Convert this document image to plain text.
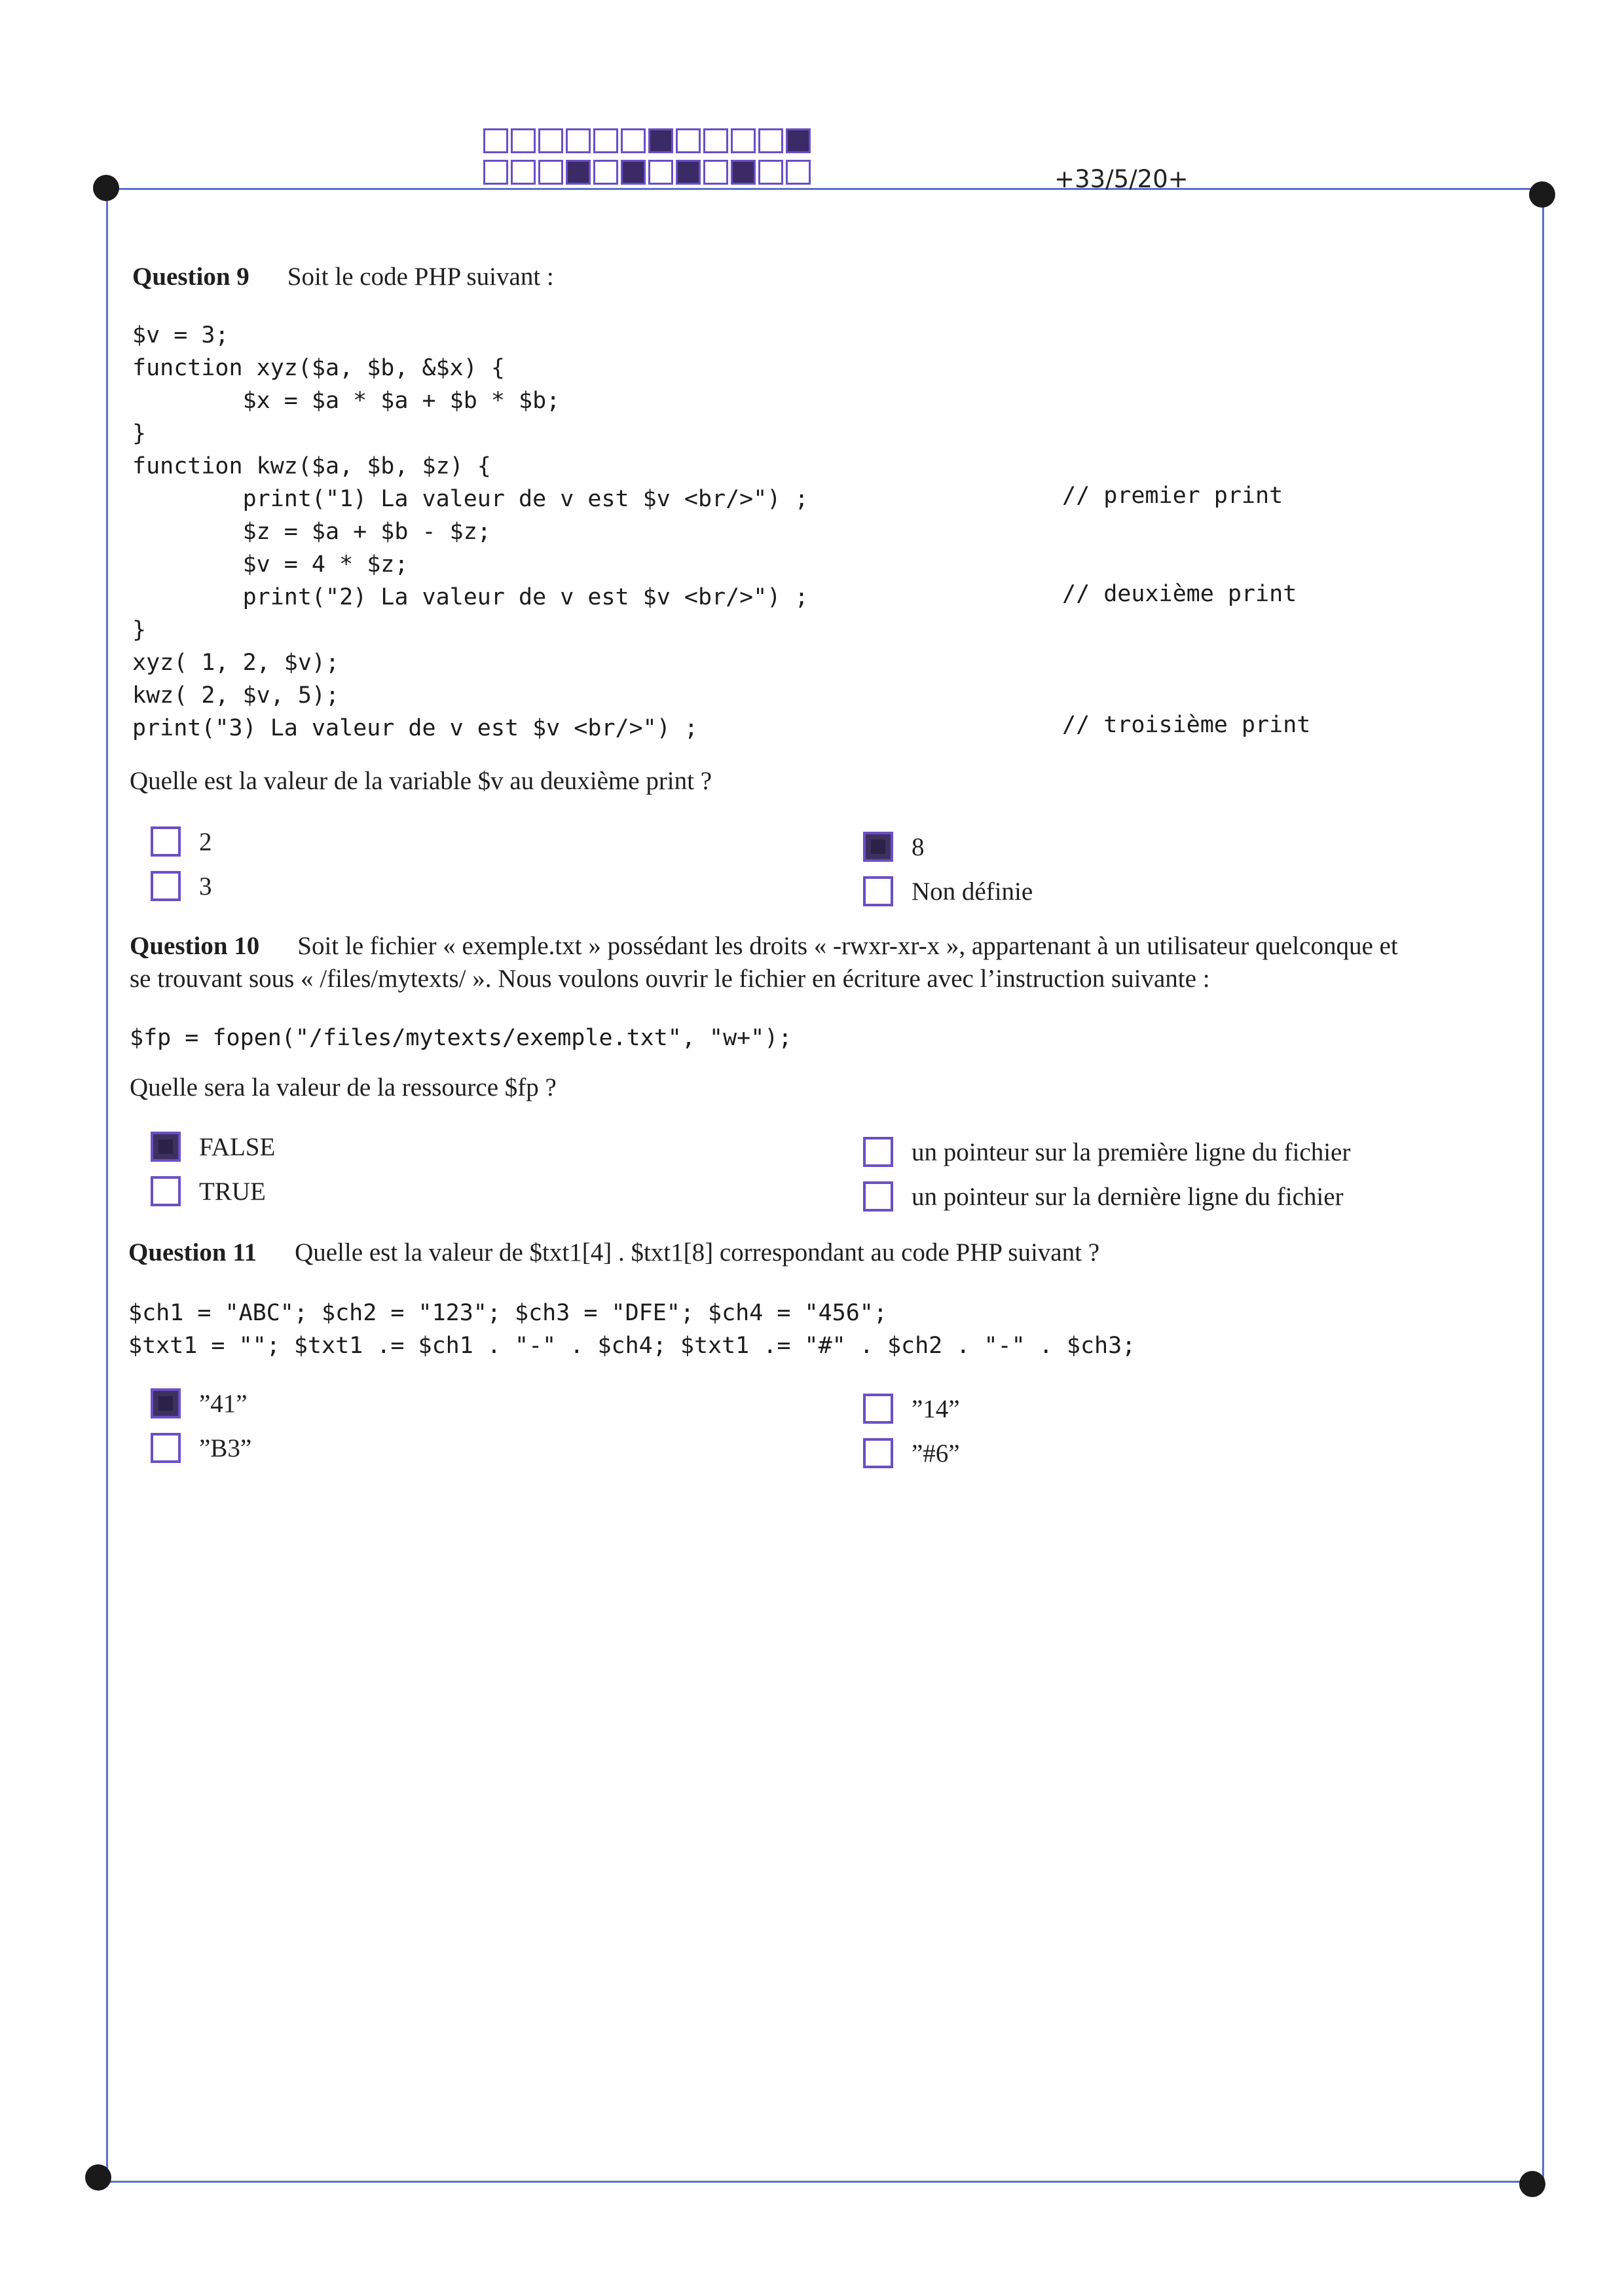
+33/5/20+
Question 9 Soit le code PHP suivant :
$v = 3;
function xyz($a, $b, &$x) {
$x = $a * $a + $b * $b;
}
function kwz($a, $b, $z) {
print("1) La valeur de v est $v <br/>") ;
$z = $a + $b - $z;
$v = 4 * $z;
print("2) La valeur de v est $v <br/>") ;
}
xyz( 1, 2, $v);
kwz( 2, $v, 5);
print("3) La valeur de v est $v <br/>") ;
// premier print
// deuxième print
// troisième print
Quelle est la valeur de la variable $v au deuxième print ?
2
3
8
Non définie
Question 10 Soit le fichier « exemple.txt » possédant les droits « -rwxr-xr-x », appartenant à un utilisateur quelconque et
se trouvant sous « /files/mytexts/ ». Nous voulons ouvrir le fichier en écriture avec l’instruction suivante :
$fp = fopen("/files/mytexts/exemple.txt", "w+");
Quelle sera la valeur de la ressource $fp ?
FALSE
TRUE
un pointeur sur la première ligne du fichier
un pointeur sur la dernière ligne du fichier
Question 11 Quelle est la valeur de $txt1[4] . $txt1[8] correspondant au code PHP suivant ?
$ch1 = "ABC"; $ch2 = "123"; $ch3 = "DFE"; $ch4 = "456";
$txt1 = ""; $txt1 .= $ch1 . "-" . $ch4; $txt1 .= "#" . $ch2 . "-" . $ch3;
”41”
”B3”
”14”
”#6”
